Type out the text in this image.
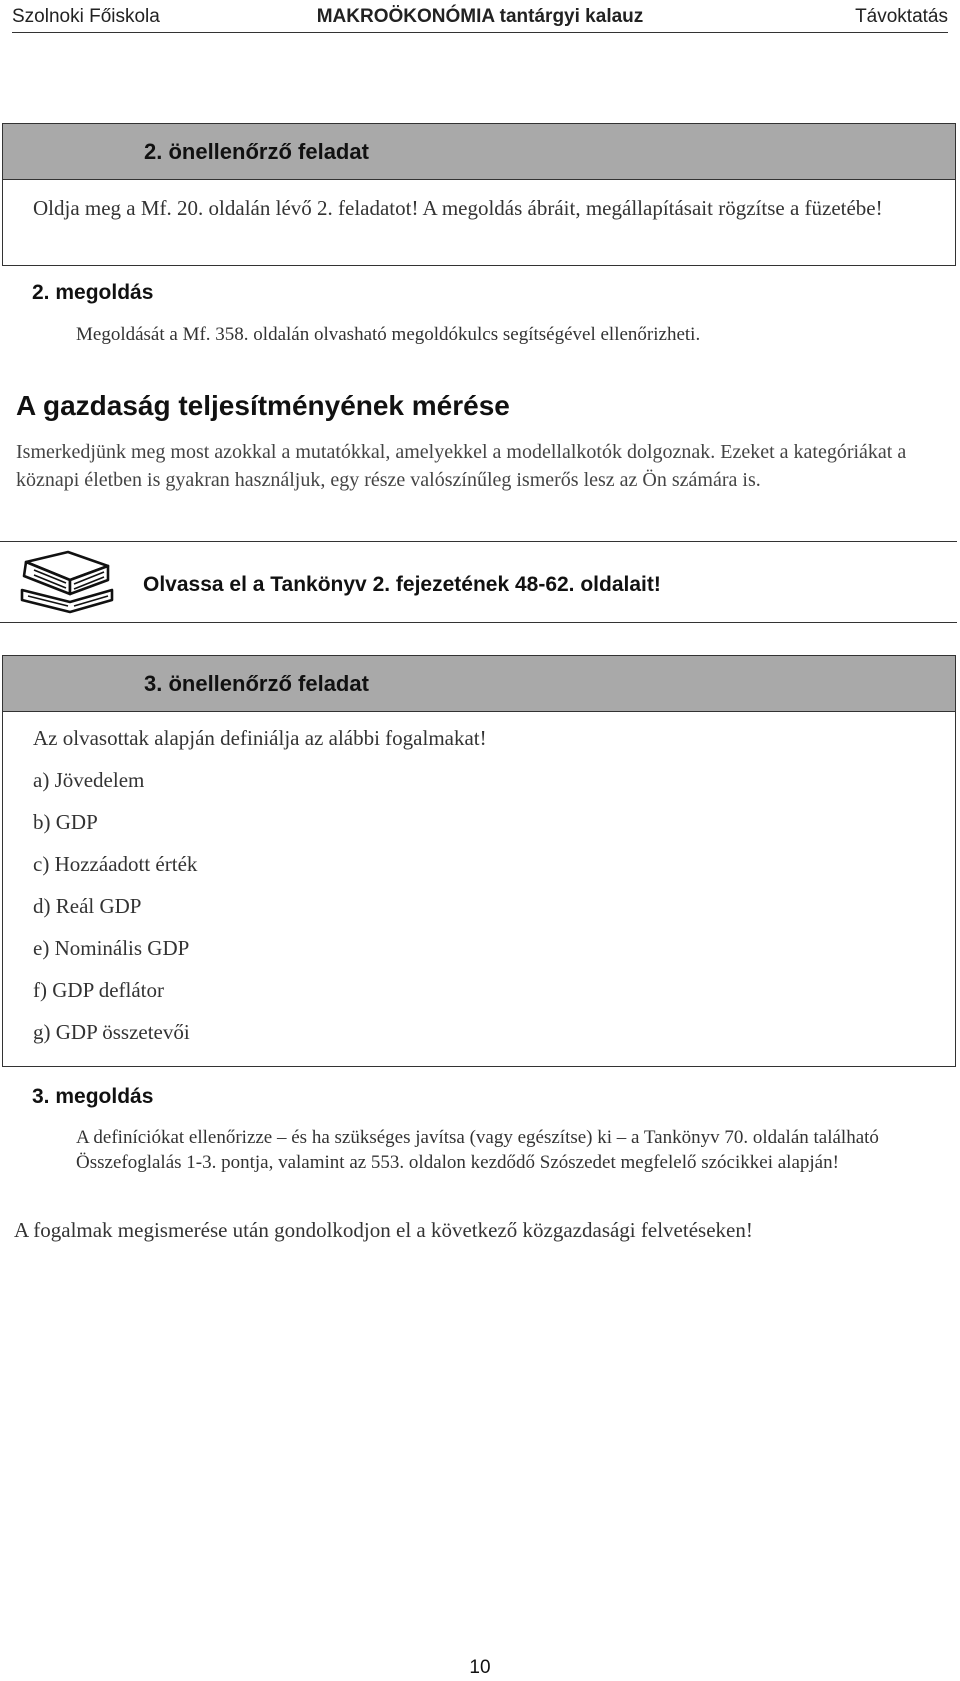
Szolnoki Főiskola	MAKROÖKONÓMIA tantárgyi kalauz	Távoktatás
2. önellenőrző feladat
Oldja meg a Mf. 20. oldalán lévő 2. feladatot! A megoldás ábráit, megállapításait rögzítse a füzetébe!
2. megoldás
Megoldását a Mf. 358. oldalán olvasható megoldókulcs segítségével ellenőrizheti.
A gazdaság teljesítményének mérése
Ismerkedjünk meg most azokkal a mutatókkal, amelyekkel a modellalkotók dolgoznak. Ezeket a kategóriákat a köznapi életben is gyakran használjuk, egy része valószínűleg ismerős lesz az Ön számára is.
Olvassa el a Tankönyv 2. fejezetének 48-62. oldalait!
3. önellenőrző feladat
Az olvasottak alapján definiálja az alábbi fogalmakat!
a) Jövedelem
b) GDP
c) Hozzáadott érték
d) Reál GDP
e) Nominális GDP
f) GDP deflátor
g) GDP összetevői
3. megoldás
A definíciókat ellenőrizze – és ha szükséges javítsa (vagy egészítse) ki – a Tankönyv 70. oldalán található Összefoglalás 1-3. pontja, valamint az 553. oldalon kezdődő Szószedet megfelelő szócikkei alapján!
A fogalmak megismerése után gondolkodjon el a következő közgazdasági felvetéseken!
10
